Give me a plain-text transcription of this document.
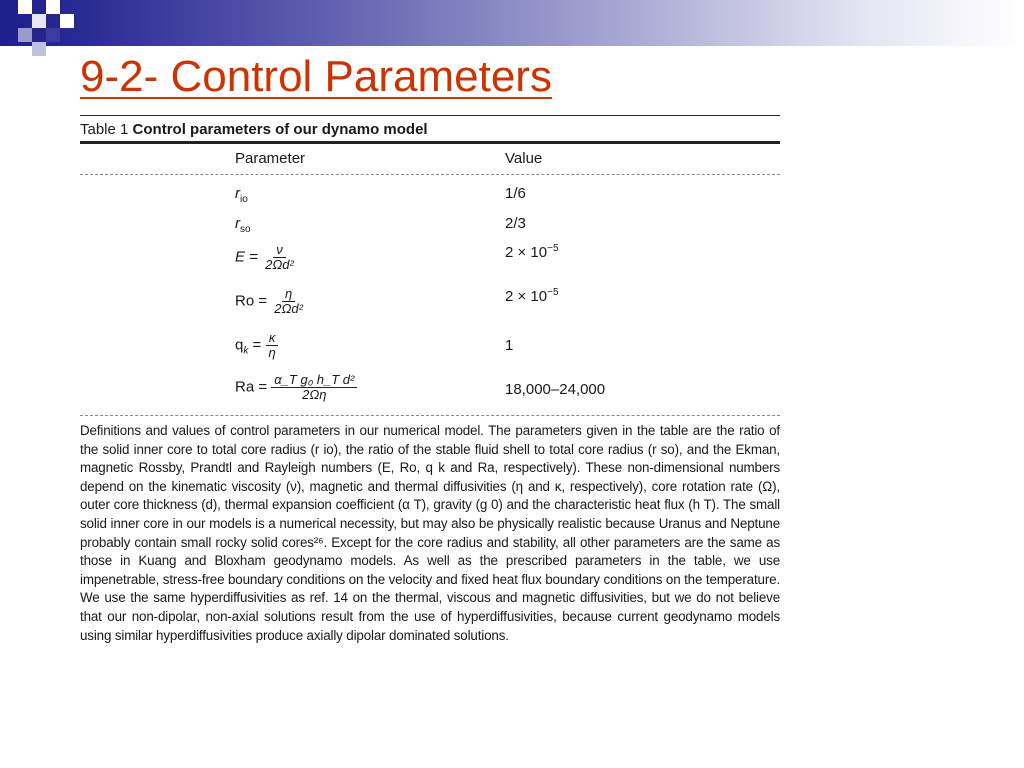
9-2- Control Parameters
Table 1 Control parameters of our dynamo model
Parameter	Value
$r_{io}$	1/6
$r_{so}$	2/3
$E = \frac{\nu}{\text{2Ωd²}}$	$2 \times 10^{-5}$
$Ro = \frac{\eta}{\text{2Ωd²}}$	$2 \times 10^{-5}$
$q_k = \frac{\kappa}{\eta}$	1
$Ra = \frac{\text{α\_T g₀ h\_T d²}}{2\Omega\eta}$	18,000–24,000
Definitions and values of control parameters in our numerical model. The parameters given in the table are the ratio of the solid inner core to total core radius (r io), the ratio of the stable fluid shell to total core radius (r so), and the Ekman, magnetic Rossby, Prandtl and Rayleigh numbers (E, Ro, q k and Ra, respectively). These non-dimensional numbers depend on the kinematic viscosity (ν), magnetic and thermal diffusivities (η and κ, respectively), core rotation rate (Ω), outer core thickness (d), thermal expansion coefficient (α T), gravity (g 0) and the characteristic heat flux (h T). The small solid inner core in our models is a numerical necessity, but may also be physically realistic because Uranus and Neptune probably contain small rocky solid cores²⁶. Except for the core radius and stability, all other parameters are the same as those in Kuang and Bloxham geodynamo models. As well as the prescribed parameters in the table, we use impenetrable, stress-free boundary conditions on the velocity and fixed heat flux boundary conditions on the temperature. We use the same hyperdiffusivities as ref. 14 on the thermal, viscous and magnetic diffusivities, but we do not believe that our non-dipolar, non-axial solutions result from the use of hyperdiffusivities, because current geodynamo models using similar hyperdiffusivities produce axially dipolar dominated solutions.
